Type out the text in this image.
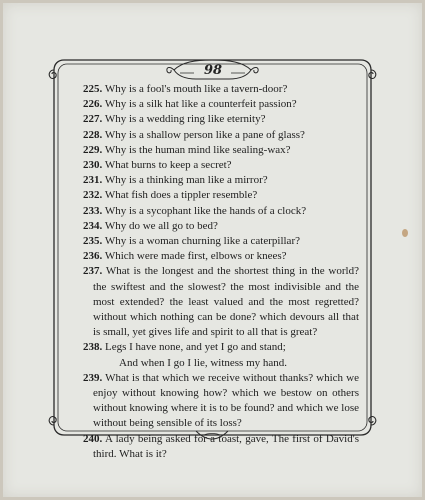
98

225. Why is a fool's mouth like a tavern-door?

226. Why is a silk hat like a counterfeit passion?

227. Why is a wedding ring like eternity?

228. Why is a shallow person like a pane of glass?

229. Why is the human mind like sealing-wax?

230. What burns to keep a secret?

231. Why is a thinking man like a mirror?

232. What fish does a tippler resemble?

233. Why is a sycophant like the hands of a clock?

234. Why do we all go to bed?

235. Why is a woman churning like a caterpillar?

236. Which were made first, elbows or knees?

237. What is the longest and the shortest thing in the world? the swiftest and the slowest? the most indivisible and the most extended? the least valued and the most regretted? without which nothing can be done? which devours all that is small, yet gives life and spirit to all that is great?

238. Legs I have none, and yet I go and stand;
And when I go I lie, witness my hand.

239. What is that which we receive without thanks? which we enjoy without knowing how? which we bestow on others without knowing where it is to be found? and which we lose without being sensible of its loss?

240. A lady being asked for a toast, gave, The first of David's third. What is it?
